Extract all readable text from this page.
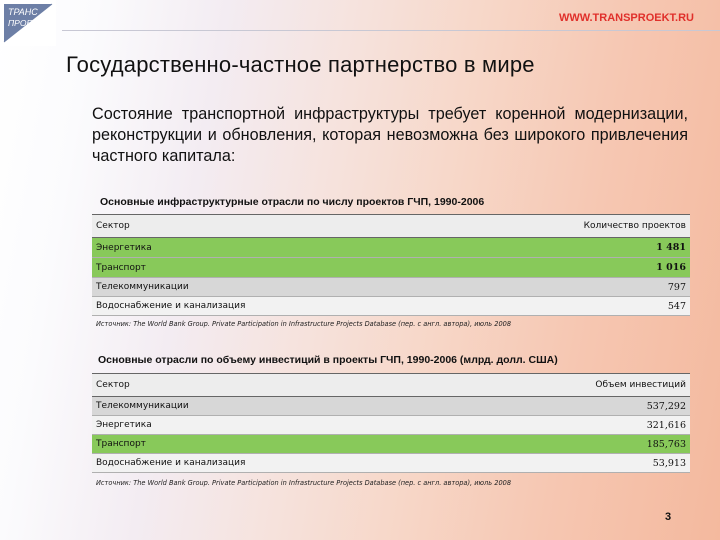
ТРАНС
ПРОЕКТ	WWW.TRANSPROEKT.RU
Государственно-частное партнерство в мире
Состояние транспортной инфраструктуры требует коренной модернизации, реконструкции и обновления, которая невозможна без широкого привлечения частного капитала:
Основные инфраструктурные отрасли по числу проектов ГЧП, 1990-2006
Сектор	Количество проектов
Энергетика	1 481
Транспорт	1 016
Телекоммуникации	797
Водоснабжение и канализация	547
Источник: The World Bank Group. Private Participation in Infrastructure Projects Database (пер. с англ. автора), июль 2008
Основные отрасли по объему инвестиций в проекты ГЧП, 1990-2006 (млрд. долл. США)
Сектор	Объем инвестиций
Телекоммуникации	537,292
Энергетика	321,616
Транспорт	185,763
Водоснабжение и канализация	53,913
Источник: The World Bank Group. Private Participation in Infrastructure Projects Database (пер. с англ. автора), июль 2008
3
